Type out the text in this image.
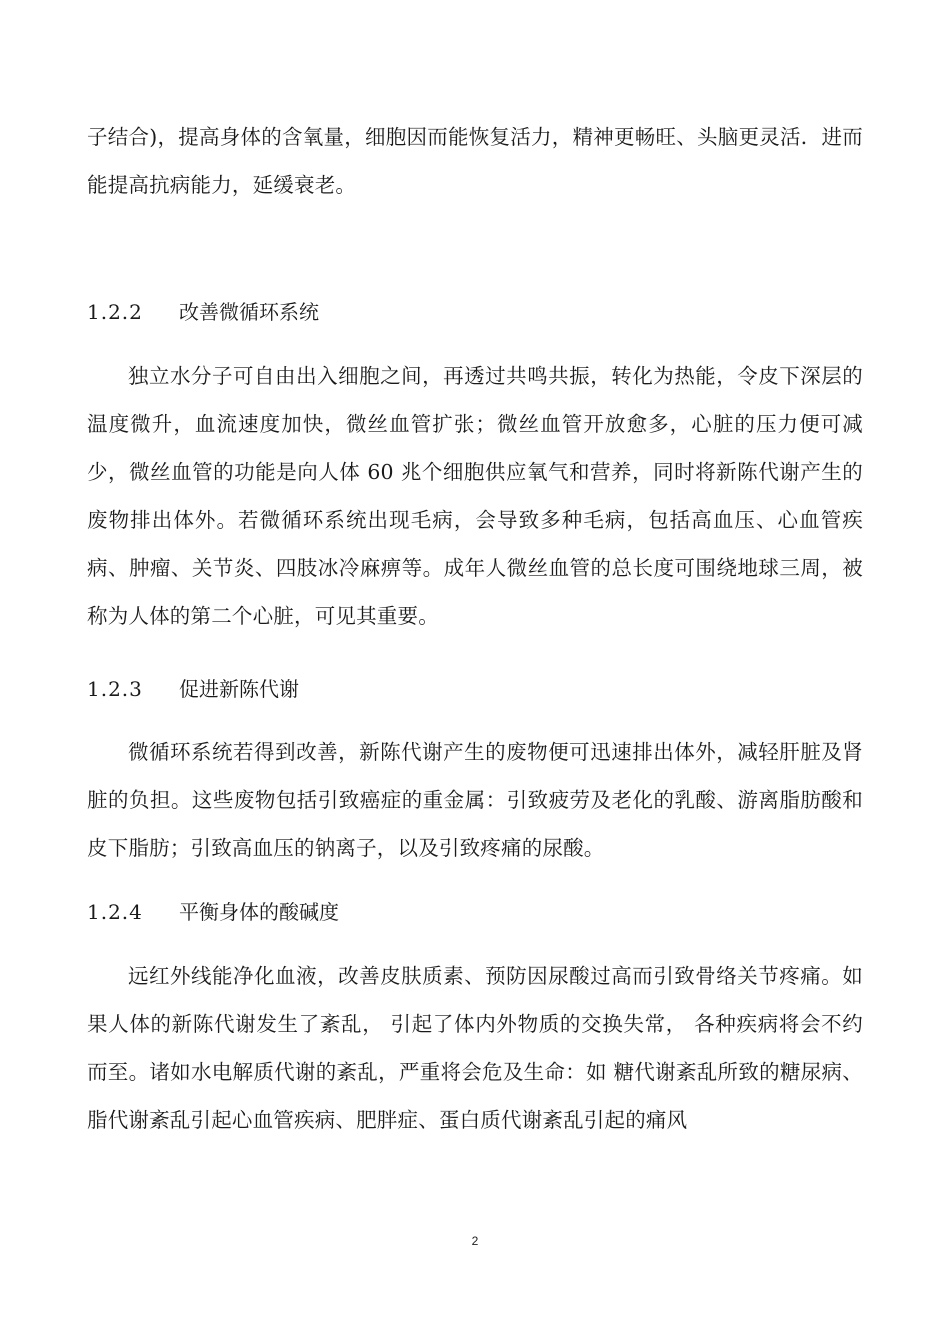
子结合)，提高身体的含氧量，细胞因而能恢复活力，精神更畅旺、头脑更灵活．进而能提高抗病能力，延缓衰老。

1.2.2 改善微循环系统

独立水分子可自由出入细胞之间，再透过共鸣共振，转化为热能，令皮下深层的温度微升，血流速度加快，微丝血管扩张；微丝血管开放愈多，心脏的压力便可减少，微丝血管的功能是向人体 60 兆个细胞供应氧气和营养，同时将新陈代谢产生的废物排出体外。若微循环系统出现毛病，会导致多种毛病，包括高血压、心血管疾病、肿瘤、关节炎、四肢冰冷麻痹等。成年人微丝血管的总长度可围绕地球三周，被称为人体的第二个心脏，可见其重要。

1.2.3 促进新陈代谢

微循环系统若得到改善，新陈代谢产生的废物便可迅速排出体外，减轻肝脏及肾脏的负担。这些废物包括引致癌症的重金属：引致疲劳及老化的乳酸、游离脂肪酸和皮下脂肪；引致高血压的钠离子，以及引致疼痛的尿酸。

1.2.4 平衡身体的酸碱度

远红外线能净化血液，改善皮肤质素、预防因尿酸过高而引致骨络关节疼痛。如果人体的新陈代谢发生了紊乱， 引起了体内外物质的交换失常， 各种疾病将会不约而至。诸如水电解质代谢的紊乱，严重将会危及生命：如 糖代谢紊乱所致的糖尿病、脂代谢紊乱引起心血管疾病、肥胖症、蛋白质代谢紊乱引起的痛风

2
